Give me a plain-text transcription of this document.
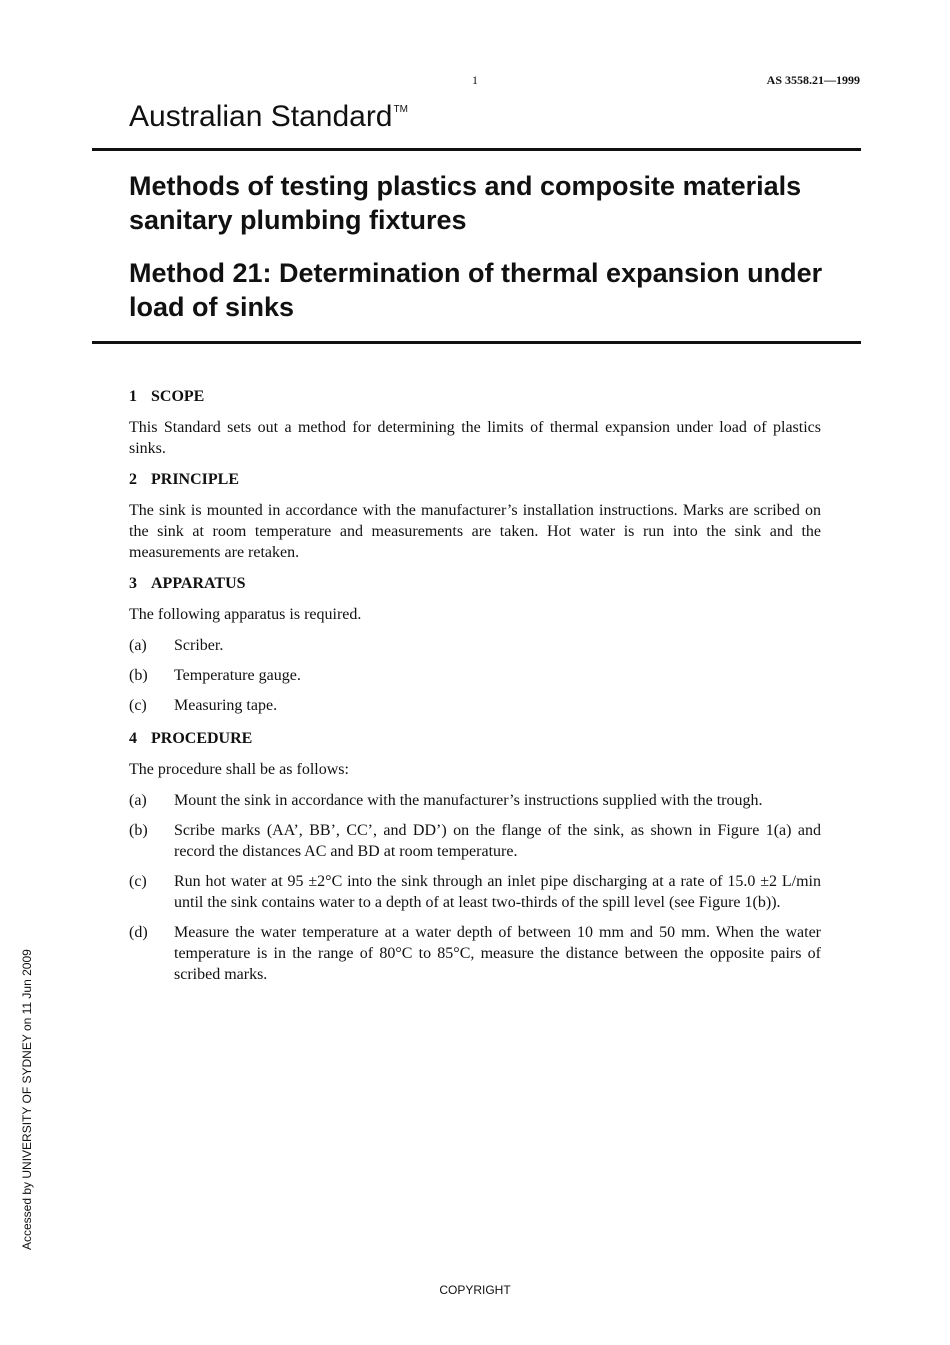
1	AS 3558.21—1999
Australian Standard™
Methods of testing plastics and composite materials sanitary plumbing fixtures
Method 21: Determination of thermal expansion under load of sinks
1 SCOPE

This Standard sets out a method for determining the limits of thermal expansion under load of plastics sinks.

2 PRINCIPLE

The sink is mounted in accordance with the manufacturer’s installation instructions. Marks are scribed on the sink at room temperature and measurements are taken. Hot water is run into the sink and the measurements are retaken.

3 APPARATUS

The following apparatus is required.

(a)	Scriber.
(b)	Temperature gauge.
(c)	Measuring tape.
4 PROCEDURE

The procedure shall be as follows:

(a)	Mount the sink in accordance with the manufacturer’s instructions supplied with the trough.
(b)	Scribe marks (AA’, BB’, CC’, and DD’) on the flange of the sink, as shown in Figure 1(a) and record the distances AC and BD at room temperature.
(c)	Run hot water at 95 ±2°C into the sink through an inlet pipe discharging at a rate of 15.0 ±2 L/min until the sink contains water to a depth of at least two-thirds of the spill level (see Figure 1(b)).
(d)	Measure the water temperature at a water depth of between 10 mm and 50 mm. When the water temperature is in the range of 80°C to 85°C, measure the distance between the opposite pairs of scribed marks.
Accessed by UNIVERSITY OF SYDNEY on 11 Jun 2009
COPYRIGHT
